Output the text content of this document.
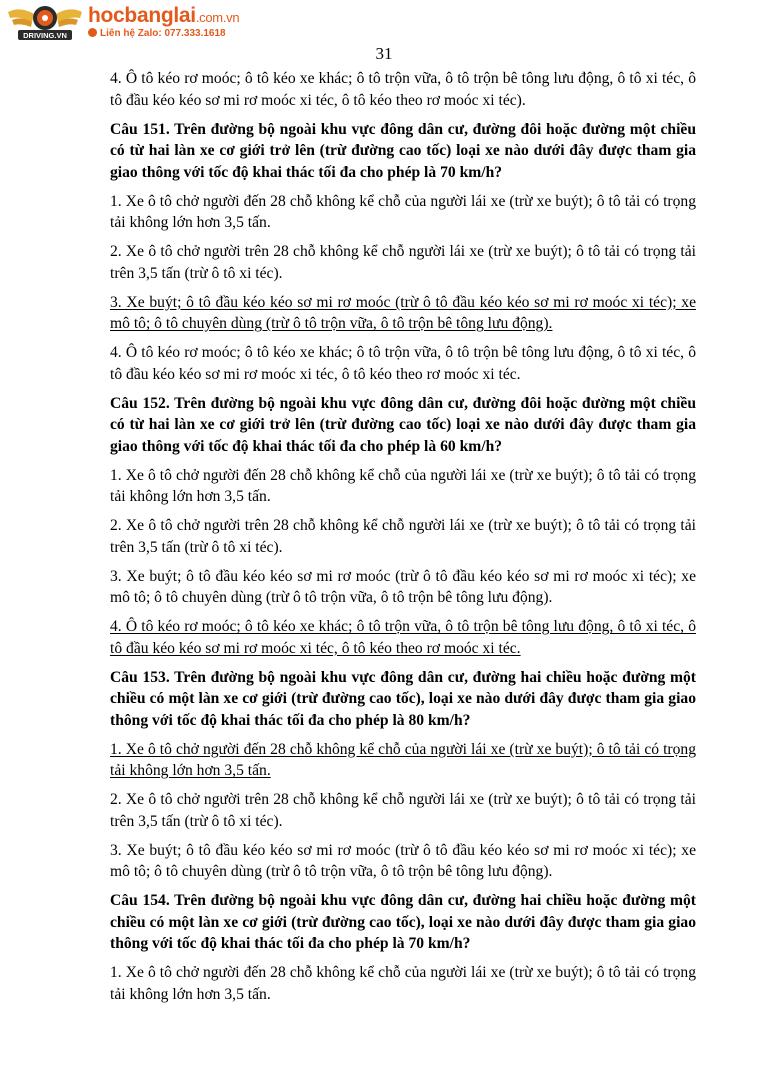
DRIVING.VN
hocbanglai.com.vn
Liên hệ Zalo: 077.333.1618
31

4. Ô tô kéo rơ moóc; ô tô kéo xe khác; ô tô trộn vữa, ô tô trộn bê tông lưu động, ô tô xi téc, ô tô đầu kéo kéo sơ mi rơ moóc xi téc, ô tô kéo theo rơ moóc xi téc).

Câu 151. Trên đường bộ ngoài khu vực đông dân cư, đường đôi hoặc đường một chiều có từ hai làn xe cơ giới trở lên (trừ đường cao tốc) loại xe nào dưới đây được tham gia giao thông với tốc độ khai thác tối đa cho phép là 70 km/h?

1. Xe ô tô chở người đến 28 chỗ không kể chỗ của người lái xe (trừ xe buýt); ô tô tải có trọng tải không lớn hơn 3,5 tấn.

2. Xe ô tô chở người trên 28 chỗ không kể chỗ người lái xe (trừ xe buýt); ô tô tải có trọng tải trên 3,5 tấn (trừ ô tô xi téc).

3. Xe buýt; ô tô đầu kéo kéo sơ mi rơ moóc (trừ ô tô đầu kéo kéo sơ mi rơ moóc xi téc); xe mô tô; ô tô chuyên dùng (trừ ô tô trộn vữa, ô tô trộn bê tông lưu động).

4. Ô tô kéo rơ moóc; ô tô kéo xe khác; ô tô trộn vữa, ô tô trộn bê tông lưu động, ô tô xi téc, ô tô đầu kéo kéo sơ mi rơ moóc xi téc, ô tô kéo theo rơ moóc xi téc.

Câu 152. Trên đường bộ ngoài khu vực đông dân cư, đường đôi hoặc đường một chiều có từ hai làn xe cơ giới trở lên (trừ đường cao tốc) loại xe nào dưới đây được tham gia giao thông với tốc độ khai thác tối đa cho phép là 60 km/h?

1. Xe ô tô chở người đến 28 chỗ không kể chỗ của người lái xe (trừ xe buýt); ô tô tải có trọng tải không lớn hơn 3,5 tấn.

2. Xe ô tô chở người trên 28 chỗ không kể chỗ người lái xe (trừ xe buýt); ô tô tải có trọng tải trên 3,5 tấn (trừ ô tô xi téc).

3. Xe buýt; ô tô đầu kéo kéo sơ mi rơ moóc (trừ ô tô đầu kéo kéo sơ mi rơ moóc xi téc); xe mô tô; ô tô chuyên dùng (trừ ô tô trộn vữa, ô tô trộn bê tông lưu động).

4. Ô tô kéo rơ moóc; ô tô kéo xe khác; ô tô trộn vữa, ô tô trộn bê tông lưu động, ô tô xi téc, ô tô đầu kéo kéo sơ mi rơ moóc xi téc, ô tô kéo theo rơ moóc xi téc.

Câu 153. Trên đường bộ ngoài khu vực đông dân cư, đường hai chiều hoặc đường một chiều có một làn xe cơ giới (trừ đường cao tốc), loại xe nào dưới đây được tham gia giao thông với tốc độ khai thác tối đa cho phép là 80 km/h?

1. Xe ô tô chở người đến 28 chỗ không kể chỗ của người lái xe (trừ xe buýt); ô tô tải có trọng tải không lớn hơn 3,5 tấn.

2. Xe ô tô chở người trên 28 chỗ không kể chỗ người lái xe (trừ xe buýt); ô tô tải có trọng tải trên 3,5 tấn (trừ ô tô xi téc).

3. Xe buýt; ô tô đầu kéo kéo sơ mi rơ moóc (trừ ô tô đầu kéo kéo sơ mi rơ moóc xi téc); xe mô tô; ô tô chuyên dùng (trừ ô tô trộn vữa, ô tô trộn bê tông lưu động).

Câu 154. Trên đường bộ ngoài khu vực đông dân cư, đường hai chiều hoặc đường một chiều có một làn xe cơ giới (trừ đường cao tốc), loại xe nào dưới đây được tham gia giao thông với tốc độ khai thác tối đa cho phép là 70 km/h?

1. Xe ô tô chở người đến 28 chỗ không kể chỗ của người lái xe (trừ xe buýt); ô tô tải có trọng tải không lớn hơn 3,5 tấn.
